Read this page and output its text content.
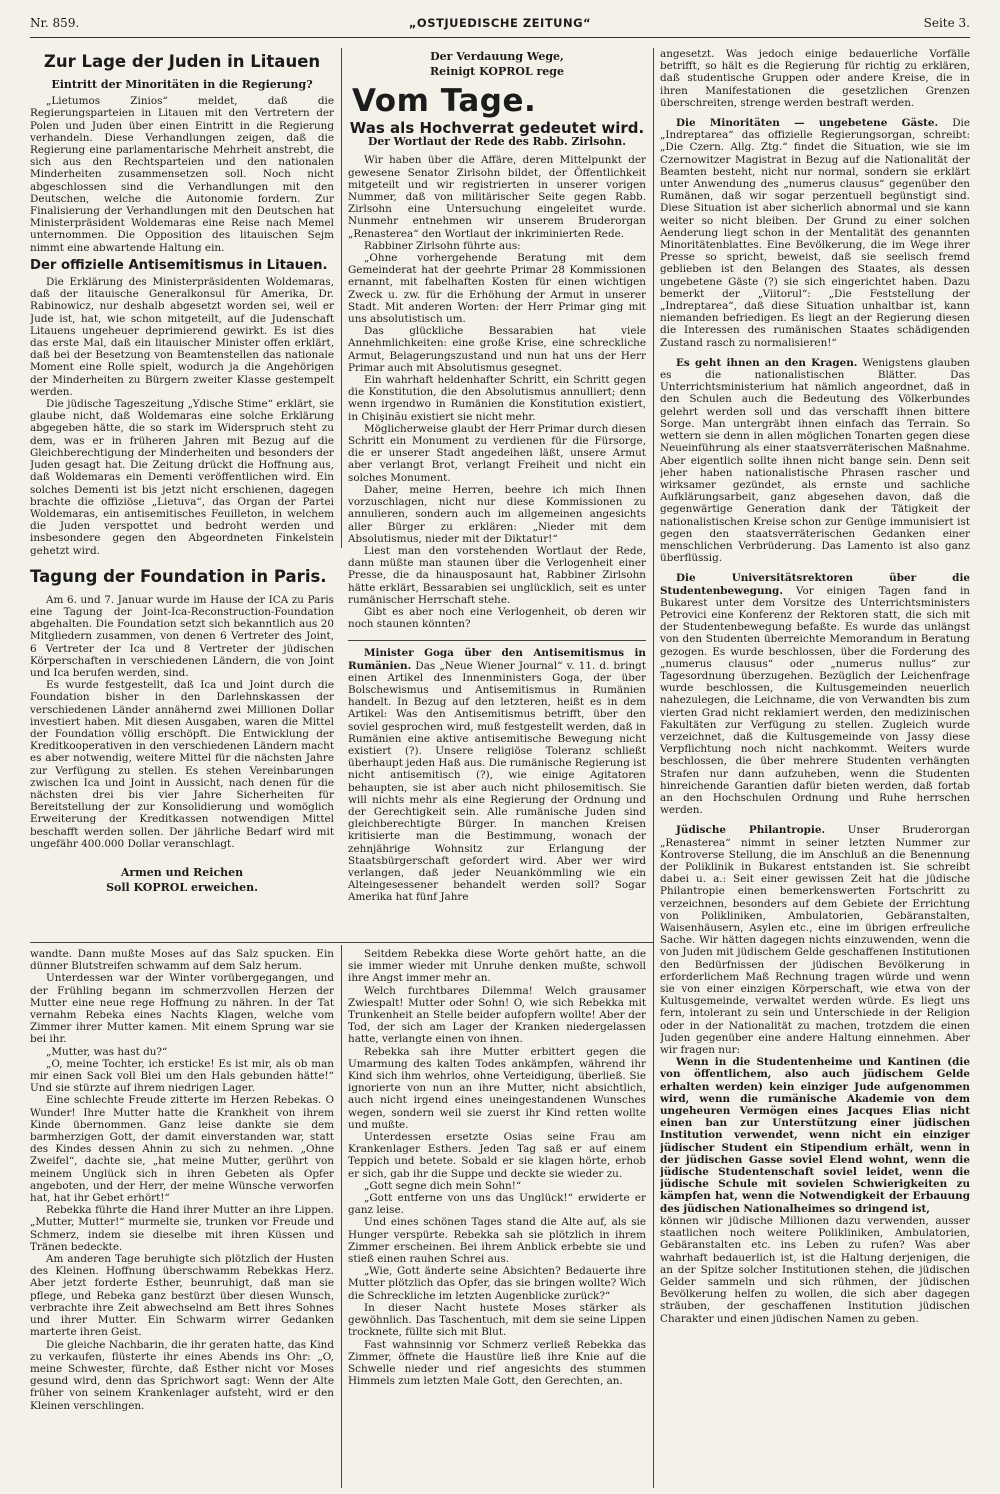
Nr. 859.	„OSTJUEDISCHE ZEITUNG“	Seite 3.
Zur Lage der Juden in Litauen
Eintritt der Minoritäten in die Regierung?

„Lietumos Zinios“ meldet, daß die Regierungsparteien in Litauen mit den Vertretern der Polen und Juden über einen Eintritt in die Regierung verhandeln. Diese Verhandlungen zeigen, daß die Regierung eine parlamentarische Mehrheit anstrebt, die sich aus den Rechtsparteien und den nationalen Minderheiten zusammensetzen soll. Noch nicht abgeschlossen sind die Verhandlungen mit den Deutschen, welche die Autonomie fordern. Zur Finalisierung der Verhandlungen mit den Deutschen hat Ministerpräsident Woldemaras eine Reise nach Memel unternommen. Die Opposition des litauischen Sejm nimmt eine abwartende Haltung ein.

Der offizielle Antisemitismus in Litauen.

Die Erklärung des Ministerpräsidenten Woldemaras, daß der litauische Generalkonsul für Amerika, Dr. Rabinowicz, nur deshalb abgesetzt worden sei, weil er Jude ist, hat, wie schon mitgeteilt, auf die Judenschaft Litauens ungeheuer deprimierend gewirkt. Es ist dies das erste Mal, daß ein litauischer Minister offen erklärt, daß bei der Besetzung von Beamtenstellen das nationale Moment eine Rolle spielt, wodurch ja die Angehörigen der Minderheiten zu Bürgern zweiter Klasse gestempelt werden.

Die jüdische Tageszeitung „Ydische Stime“ erklärt, sie glaube nicht, daß Woldemaras eine solche Erklärung abgegeben hätte, die so stark im Widerspruch steht zu dem, was er in früheren Jahren mit Bezug auf die Gleichberechtigung der Minderheiten und besonders der Juden gesagt hat. Die Zeitung drückt die Hoffnung aus, daß Woldemaras ein Dementi veröffentlichen wird. Ein solches Dementi ist bis jetzt nicht erschienen, dagegen brachte die offiziöse „Lietuva“, das Organ der Partei Woldemaras, ein antisemitisches Feuilleton, in welchem die Juden verspottet und bedroht werden und insbesondere gegen den Abgeordneten Finkelstein gehetzt wird.

Tagung der Foundation in Paris.

Am 6. und 7. Januar wurde im Hause der ICA zu Paris eine Tagung der Joint-Ica-Reconstruction-Foundation abgehalten. Die Foundation setzt sich bekanntlich aus 20 Mitgliedern zusammen, von denen 6 Vertreter des Joint, 6 Vertreter der Ica und 8 Vertreter der jüdischen Körperschaften in verschiedenen Ländern, die von Joint und Ica berufen werden, sind.

Es wurde festgestellt, daß Ica und Joint durch die Foundation bisher in den Darlehnskassen der verschiedenen Länder annähernd zwei Millionen Dollar investiert haben. Mit diesen Ausgaben, waren die Mittel der Foundation völlig erschöpft. Die Entwicklung der Kreditkooperativen in den verschiedenen Ländern macht es aber notwendig, weitere Mittel für die nächsten Jahre zur Verfügung zu stellen. Es stehen Vereinbarungen zwischen Ica und Joint in Aussicht, nach denen für die nächsten drei bis vier Jahre Sicherheiten für Bereitstellung der zur Konsolidierung und womöglich Erweiterung der Kreditkassen notwendigen Mittel beschafft werden sollen. Der jährliche Bedarf wird mit ungefähr 400.000 Dollar veranschlagt.

Armen und Reichen
Soll KOPROL erweichen.
Der Verdauung Wege,
Reinigt KOPROL rege
Vom Tage.
Was als Hochverrat gedeutet wird.
Der Wortlaut der Rede des Rabb. Zirlsohn.

Wir haben über die Affäre, deren Mittelpunkt der gewesene Senator Zirlsohn bildet, der Öffentlichkeit mitgeteilt und wir registrierten in unserer vorigen Nummer, daß von militärischer Seite gegen Rabb. Zirlsohn eine Untersuchung eingeleitet wurde. Nunmehr entnehmen wir unserem Bruderorgan „Renasterea“ den Wortlaut der inkriminierten Rede.

Rabbiner Zirlsohn führte aus:

„Ohne vorhergehende Beratung mit dem Gemeinderat hat der geehrte Primar 28 Kommissionen ernannt, mit fabelhaften Kosten für einen wichtigen Zweck u. zw. für die Erhöhung der Armut in unserer Stadt. Mit anderen Worten: der Herr Primar ging mit uns absolutistisch um.

Das glückliche Bessarabien hat viele Annehmlichkeiten: eine große Krise, eine schreckliche Armut, Belagerungszustand und nun hat uns der Herr Primar auch mit Absolutismus gesegnet.

Ein wahrhaft heldenhafter Schritt, ein Schritt gegen die Konstitution, die den Absolutismus annulliert; denn wenn irgendwo in Rumänien die Konstitution existiert, in Chişinău existiert sie nicht mehr.

Möglicherweise glaubt der Herr Primar durch diesen Schritt ein Monument zu verdienen für die Fürsorge, die er unserer Stadt angedeihen läßt, unsere Armut aber verlangt Brot, verlangt Freiheit und nicht ein solches Monument.

Daher, meine Herren, beehre ich mich Ihnen vorzuschlagen, nicht nur diese Kommissionen zu annulieren, sondern auch im allgemeinen angesichts aller Bürger zu erklären: „Nieder mit dem Absolutismus, nieder mit der Diktatur!“

Liest man den vorstehenden Wortlaut der Rede, dann müßte man staunen über die Verlogenheit einer Presse, die da hinausposaunt hat, Rabbiner Zirlsohn hätte erklärt, Bessarabien sei unglücklich, seit es unter rumänischer Herrschaft stehe.

Gibt es aber noch eine Verlogenheit, ob deren wir noch staunen könnten?

Minister Goga über den Antisemitismus in Rumänien. Das „Neue Wiener Journal“ v. 11. d. bringt einen Artikel des Innenministers Goga, der über Bolschewismus und Antisemitismus in Rumänien handelt. In Bezug auf den letzteren, heißt es in dem Artikel: Was den Antisemitismus betrifft, über den soviel gesprochen wird, muß festgestellt werden, daß in Rumänien eine aktive antisemitische Bewegung nicht existiert (?). Unsere religiöse Toleranz schließt überhaupt jeden Haß aus. Die rumänische Regierung ist nicht antisemitisch (?), wie einige Agitatoren behaupten, sie ist aber auch nicht philosemitisch. Sie will nichts mehr als eine Regierung der Ordnung und der Gerechtigkeit sein. Alle rumänische Juden sind gleichberechtigte Bürger. In manchen Kreisen kritisierte man die Bestimmung, wonach der zehnjährige Wohnsitz zur Erlangung der Staatsbürgerschaft gefordert wird. Aber wer wird verlangen, daß jeder Neuankömmling wie ein Alteingesessener behandelt werden soll? Sogar Amerika hat fünf Jahre

angesetzt. Was jedoch einige bedauerliche Vorfälle betrifft, so hält es die Regierung für richtig zu erklären, daß studentische Gruppen oder andere Kreise, die in ihren Manifestationen die gesetzlichen Grenzen überschreiten, strenge werden bestraft werden.

Die Minoritäten — ungebetene Gäste. Die „Indreptarea“ das offizielle Regierungsorgan, schreibt: „Die Czern. Allg. Ztg.“ findet die Situation, wie sie im Czernowitzer Magistrat in Bezug auf die Nationalität der Beamten besteht, nicht nur normal, sondern sie erklärt unter Anwendung des „numerus clausus“ gegenüber den Rumänen, daß wir sogar perzentuell begünstigt sind. Diese Situation ist aber sicherlich abnormal und sie kann weiter so nicht bleiben. Der Grund zu einer solchen Aenderung liegt schon in der Mentalität des genannten Minoritätenblattes. Eine Bevölkerung, die im Wege ihrer Presse so spricht, beweist, daß sie seelisch fremd geblieben ist den Belangen des Staates, als dessen ungebetene Gäste (?) sie sich eingerichtet haben. Dazu bemerkt der „Viitorul“: „Die Feststellung der „Indreptarea“, daß diese Situation unhaltbar ist, kann niemanden befriedigen. Es liegt an der Regierung diesen die Interessen des rumänischen Staates schädigenden Zustand rasch zu normalisieren!“

Es geht ihnen an den Kragen. Wenigstens glauben es die nationalistischen Blätter. Das Unterrichtsministerium hat nämlich angeordnet, daß in den Schulen auch die Bedeutung des Völkerbundes gelehrt werden soll und das verschafft ihnen bittere Sorge. Man untergräbt ihnen einfach das Terrain. So wettern sie denn in allen möglichen Tonarten gegen diese Neueinführung als einer staatsverräterischen Maßnahme. Aber eigentlich sollte ihnen nicht bange sein. Denn seit jeher haben nationalistische Phrasen rascher und wirksamer gezündet, als ernste und sachliche Aufklärungsarbeit, ganz abgesehen davon, daß die gegenwärtige Generation dank der Tätigkeit der nationalistischen Kreise schon zur Genüge immunisiert ist gegen den staatsverräterischen Gedanken einer menschlichen Verbrüderung. Das Lamento ist also ganz überflüssig.

Die Universitätsrektoren über die Studentenbewegung. Vor einigen Tagen fand in Bukarest unter dem Vorsitze des Unterrichtsministers Petrovici eine Konferenz der Rektoren statt, die sich mit der Studentenbewegung befaßte. Es wurde das unlängst von den Studenten überreichte Memorandum in Beratung gezogen. Es wurde beschlossen, über die Forderung des „numerus clausus“ oder „numerus nullus“ zur Tagesordnung überzugehen. Bezüglich der Leichenfrage wurde beschlossen, die Kultusgemeinden neuerlich nahezulegen, die Leichname, die von Verwandten bis zum vierten Grad nicht reklamiert werden, den medizinischen Fakultäten zur Verfügung zu stellen. Zugleich wurde verzeichnet, daß die Kultusgemeinde von Jassy diese Verpflichtung noch nicht nachkommt. Weiters wurde beschlossen, die über mehrere Studenten verhängten Strafen nur dann aufzuheben, wenn die Studenten hinreichende Garantien dafür bieten werden, daß fortab an den Hochschulen Ordnung und Ruhe herrschen werden.

Jüdische Philantropie. Unser Bruderorgan „Renasterea“ nimmt in seiner letzten Nummer zur Kontroverse Stellung, die im Anschluß an die Benennung der Poliklinik in Bukarest entstanden ist. Sie schreibt dabei u. a.: Seit einer gewissen Zeit hat die jüdische Philantropie einen bemerkenswerten Fortschritt zu verzeichnen, besonders auf dem Gebiete der Errichtung von Polikliniken, Ambulatorien, Gebäranstalten, Waisenhäusern, Asylen etc., eine im übrigen erfreuliche Sache. Wir hätten dagegen nichts einzuwenden, wenn die von Juden mit jüdischem Gelde geschaffenen Institutionen den Bedürfnissen der jüdischen Bevölkerung in erforderlichem Maß Rechnung tragen würde und wenn sie von einer einzigen Körperschaft, wie etwa von der Kultusgemeinde, verwaltet werden würde. Es liegt uns fern, intolerant zu sein und Unterschiede in der Religion oder in der Nationalität zu machen, trotzdem die einen Juden gegenüber eine andere Haltung einnehmen. Aber wir fragen nur:

Wenn in die Studentenheime und Kantinen (die von öffentlichem, also auch jüdischem Gelde erhalten werden) kein einziger Jude aufgenommen wird, wenn die rumänische Akademie von dem ungeheuren Vermögen eines Jacques Elias nicht einen ban zur Unterstützung einer jüdischen Institution verwendet, wenn nicht ein einziger jüdischer Student ein Stipendium erhält, wenn in der jüdischen Gasse soviel Elend wohnt, wenn die jüdische Studentenschaft soviel leidet, wenn die jüdische Schule mit sovielen Schwierigkeiten zu kämpfen hat, wenn die Notwendigkeit der Erbauung des jüdischen Nationalheimes so dringend ist,

können wir jüdische Millionen dazu verwenden, ausser staatlichen noch weitere Polikliniken, Ambulatorien, Gebäranstalten etc. ins Leben zu rufen? Was aber wahrhaft bedauerlich ist, ist die Haltung derjenigen, die an der Spitze solcher Institutionen stehen, die jüdischen Gelder sammeln und sich rühmen, der jüdischen Bevölkerung helfen zu wollen, die sich aber dagegen sträuben, der geschaffenen Institution jüdischen Charakter und einen jüdischen Namen zu geben.

wandte. Dann mußte Moses auf das Salz spucken. Ein dünner Blutstreifen schwamm auf dem Salz herum.

Unterdessen war der Winter vorübergegangen, und der Frühling begann im schmerzvollen Herzen der Mutter eine neue rege Hoffnung zu nähren. In der Tat vernahm Rebeka eines Nachts Klagen, welche vom Zimmer ihrer Mutter kamen. Mit einem Sprung war sie bei ihr.

„Mutter, was hast du?“

„O, meine Tochter, ich ersticke! Es ist mir, als ob man mir einen Sack voll Blei um den Hals gebunden hätte!“ Und sie stürzte auf ihrem niedrigen Lager.

Eine schlechte Freude zitterte im Herzen Rebekas. O Wunder! Ihre Mutter hatte die Krankheit von ihrem Kinde übernommen. Ganz leise dankte sie dem barmherzigen Gott, der damit einverstanden war, statt des Kindes dessen Ahnin zu sich zu nehmen. „Ohne Zweifel“, dachte sie, „hat meine Mutter, gerührt von meinem Unglück sich in ihren Gebeten als Opfer angeboten, und der Herr, der meine Wünsche verworfen hat, hat ihr Gebet erhört!“

Rebekka führte die Hand ihrer Mutter an ihre Lippen. „Mutter, Mutter!“ murmelte sie, trunken vor Freude und Schmerz, indem sie dieselbe mit ihren Küssen und Tränen bedeckte.

Am anderen Tage beruhigte sich plötzlich der Husten des Kleinen. Hoffnung überschwamm Rebekkas Herz. Aber jetzt forderte Esther, beunruhigt, daß man sie pflege, und Rebeka ganz bestürzt über diesen Wunsch, verbrachte ihre Zeit abwechselnd am Bett ihres Sohnes und ihrer Mutter. Ein Schwarm wirrer Gedanken marterte ihren Geist.

Die gleiche Nachbarin, die ihr geraten hatte, das Kind zu verkaufen, flüsterte ihr eines Abends ins Ohr: „O, meine Schwester, fürchte, daß Esther nicht vor Moses gesund wird, denn das Sprichwort sagt: Wenn der Alte früher von seinem Krankenlager aufsteht, wird er den Kleinen verschlingen.

Seitdem Rebekka diese Worte gehört hatte, an die sie immer wieder mit Unruhe denken mußte, schwoll ihre Angst immer mehr an.

Welch furchtbares Dilemma! Welch grausamer Zwiespalt! Mutter oder Sohn! O, wie sich Rebekka mit Trunkenheit an Stelle beider aufopfern wollte! Aber der Tod, der sich am Lager der Kranken niedergelassen hatte, verlangte einen von ihnen.

Rebekka sah ihre Mutter erbittert gegen die Umarmung des kalten Todes ankämpfen, während ihr Kind sich ihm wehrlos, ohne Verteidigung, überließ. Sie ignorierte von nun an ihre Mutter, nicht absichtlich, auch nicht irgend eines uneingestandenen Wunsches wegen, sondern weil sie zuerst ihr Kind retten wollte und mußte.

Unterdessen ersetzte Osias seine Frau am Krankenlager Esthers. Jeden Tag saß er auf einem Teppich und betete. Sobald er sie klagen hörte, erhob er sich, gab ihr die Suppe und deckte sie wieder zu.

„Gott segne dich mein Sohn!“

„Gott entferne von uns das Unglück!“ erwiderte er ganz leise.

Und eines schönen Tages stand die Alte auf, als sie Hunger verspürte. Rebekka sah sie plötzlich in ihrem Zimmer erscheinen. Bei ihrem Anblick erbebte sie und stieß einen rauhen Schrei aus.

„Wie, Gott änderte seine Absichten? Bedauerte ihre Mutter plötzlich das Opfer, das sie bringen wollte? Wich die Schreckliche im letzten Augenblicke zurück?“

In dieser Nacht hustete Moses stärker als gewöhnlich. Das Taschentuch, mit dem sie seine Lippen trocknete, füllte sich mit Blut.

Fast wahnsinnig vor Schmerz verließ Rebekka das Zimmer, öffnete die Haustüre ließ ihre Knie auf die Schwelle nieder und rief angesichts des stummen Himmels zum letzten Male Gott, den Gerechten, an.
